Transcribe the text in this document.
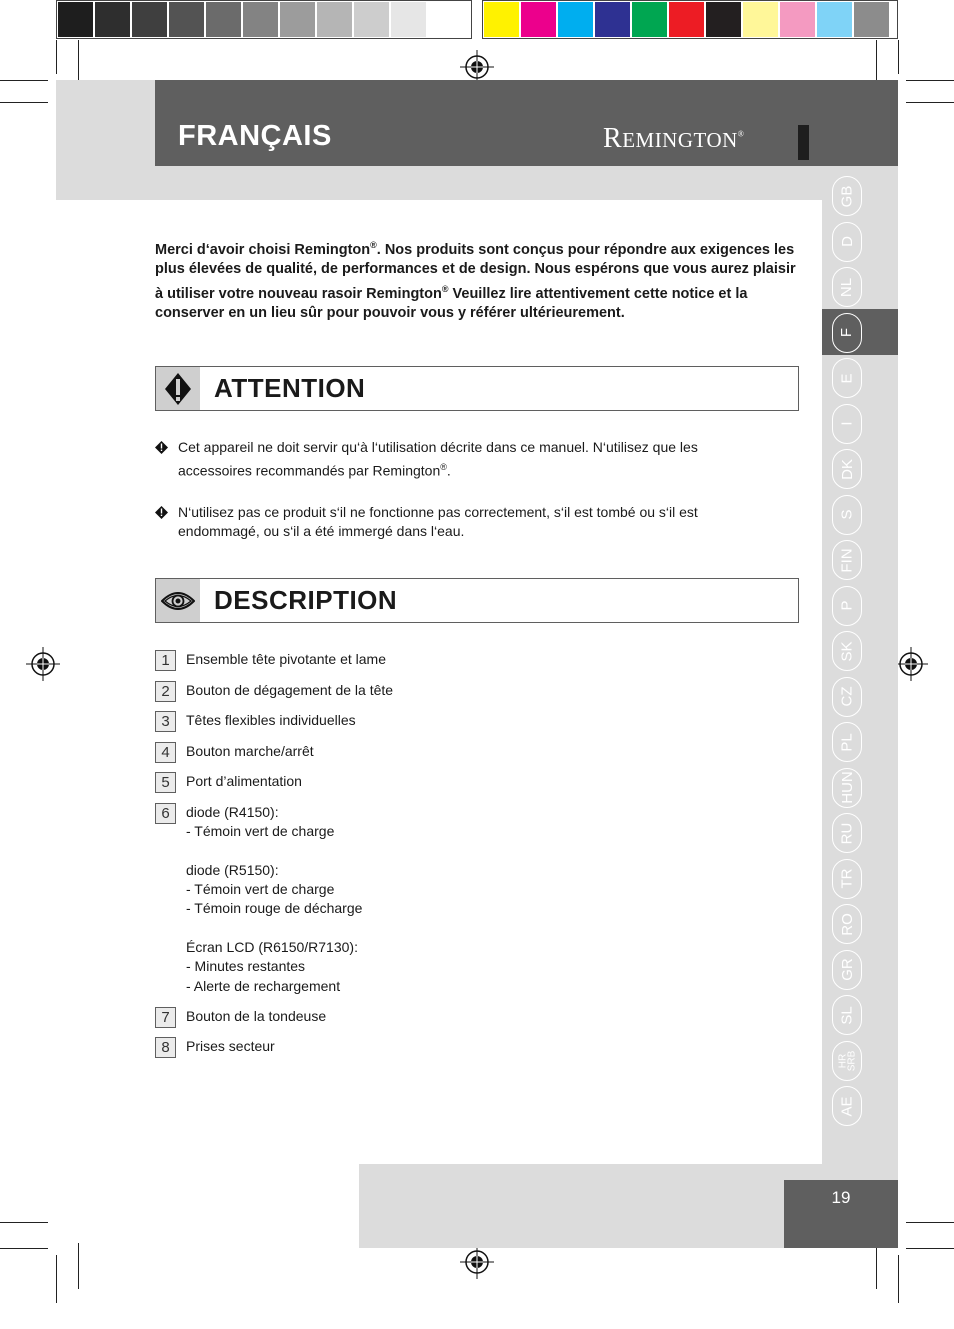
FRANÇAIS	REMINGTON®
GB
D
NL
F
E
I
DK
S
FIN
P
SK
CZ
PL
HUN
RU
TR
RO
GR
SL
HR
SRB
AE
19
Merci d‘avoir choisi Remington®. Nos produits sont conçus pour répondre aux exigences les plus élevées de qualité, de performances et de design. Nous espérons que vous aurez plaisir à utiliser votre nouveau rasoir Remington® Veuillez lire attentivement cette notice et la conserver en un lieu sûr pour pouvoir vous y référer ultérieurement.
ATTENTION
Cet appareil ne doit servir qu‘à l‘utilisation décrite dans ce manuel. N‘utilisez que les accessoires recommandés par Remington®.
N‘utilisez pas ce produit s‘il ne fonctionne pas correctement, s‘il est tombé ou s‘il est endommagé, ou s‘il a été immergé dans l‘eau.
DESCRIPTION
1	Ensemble tête pivotante et lame
2	Bouton de dégagement de la tête
3	Têtes flexibles individuelles
4	Bouton marche/arrêt
5	Port d’alimentation
6	diode (R4150):
- Témoin vert de charge

diode (R5150):
- Témoin vert de charge
- Témoin rouge de décharge

Écran LCD (R6150/R7130):
- Minutes restantes
- Alerte de rechargement
7	Bouton de la tondeuse
8	Prises secteur
